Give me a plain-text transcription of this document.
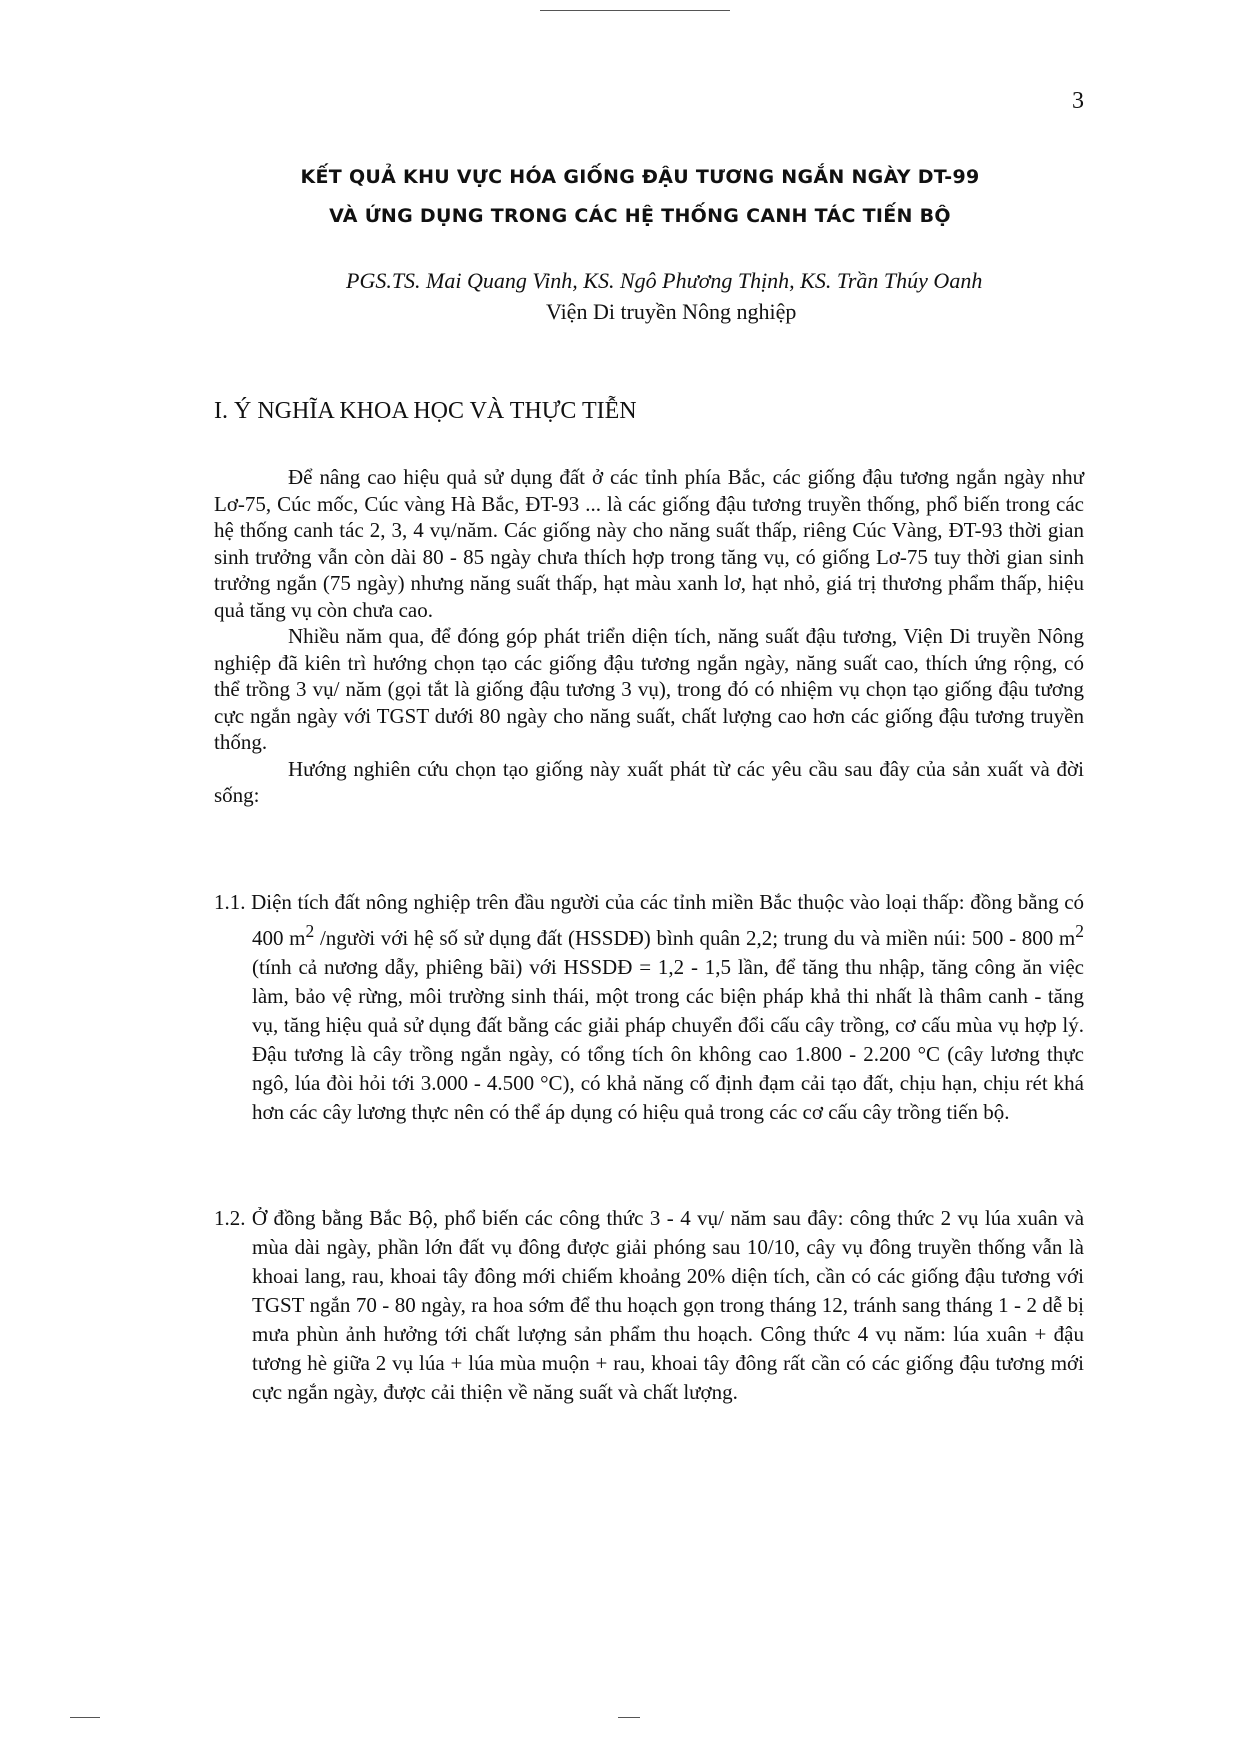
3
KẾT QUẢ KHU VỰC HÓA GIỐNG ĐẬU TƯƠNG NGẮN NGÀY DT-99
VÀ ỨNG DỤNG TRONG CÁC HỆ THỐNG CANH TÁC TIẾN BỘ
PGS.TS. Mai Quang Vinh, KS. Ngô Phương Thịnh, KS. Trần Thúy Oanh
Viện Di truyền Nông nghiệp
I. Ý NGHĨA KHOA HỌC VÀ THỰC TIỄN

Để nâng cao hiệu quả sử dụng đất ở các tỉnh phía Bắc, các giống đậu tương ngắn ngày như Lơ-75, Cúc mốc, Cúc vàng Hà Bắc, ĐT-93 ... là các giống đậu tương truyền thống, phổ biến trong các hệ thống canh tác 2, 3, 4 vụ/năm. Các giống này cho năng suất thấp, riêng Cúc Vàng, ĐT-93 thời gian sinh trưởng vẫn còn dài 80 - 85 ngày chưa thích hợp trong tăng vụ, có giống Lơ-75 tuy thời gian sinh trưởng ngắn (75 ngày) nhưng năng suất thấp, hạt màu xanh lơ, hạt nhỏ, giá trị thương phẩm thấp, hiệu quả tăng vụ còn chưa cao.

Nhiều năm qua, để đóng góp phát triển diện tích, năng suất đậu tương, Viện Di truyền Nông nghiệp đã kiên trì hướng chọn tạo các giống đậu tương ngắn ngày, năng suất cao, thích ứng rộng, có thể trồng 3 vụ/ năm (gọi tắt là giống đậu tương 3 vụ), trong đó có nhiệm vụ chọn tạo giống đậu tương cực ngắn ngày với TGST dưới 80 ngày cho năng suất, chất lượng cao hơn các giống đậu tương truyền thống.

Hướng nghiên cứu chọn tạo giống này xuất phát từ các yêu cầu sau đây của sản xuất và đời sống:

1.1. Diện tích đất nông nghiệp trên đầu người của các tỉnh miền Bắc thuộc vào loại thấp: đồng bằng có 400 $m^2$ /người với hệ số sử dụng đất (HSSDĐ) bình quân 2,2; trung du và miền núi: 500 - 800 $m^2$ (tính cả nương dẫy, phiêng bãi) với HSSDĐ = 1,2 - 1,5 lần, để tăng thu nhập, tăng công ăn việc làm, bảo vệ rừng, môi trường sinh thái, một trong các biện pháp khả thi nhất là thâm canh - tăng vụ, tăng hiệu quả sử dụng đất bằng các giải pháp chuyển đổi cấu cây trồng, cơ cấu mùa vụ hợp lý. Đậu tương là cây trồng ngắn ngày, có tổng tích ôn không cao 1.800 - 2.200 °C (cây lương thực ngô, lúa đòi hỏi tới 3.000 - 4.500 °C), có khả năng cố định đạm cải tạo đất, chịu hạn, chịu rét khá hơn các cây lương thực nên có thể áp dụng có hiệu quả trong các cơ cấu cây trồng tiến bộ.

1.2. Ở đồng bằng Bắc Bộ, phổ biến các công thức 3 - 4 vụ/ năm sau đây: công thức 2 vụ lúa xuân và mùa dài ngày, phần lớn đất vụ đông được giải phóng sau 10/10, cây vụ đông truyền thống vẫn là khoai lang, rau, khoai tây đông mới chiếm khoảng 20% diện tích, cần có các giống đậu tương với TGST ngắn 70 - 80 ngày, ra hoa sớm để thu hoạch gọn trong tháng 12, tránh sang tháng 1 - 2 dễ bị mưa phùn ảnh hưởng tới chất lượng sản phẩm thu hoạch. Công thức 4 vụ năm: lúa xuân + đậu tương hè giữa 2 vụ lúa + lúa mùa muộn + rau, khoai tây đông rất cần có các giống đậu tương mới cực ngắn ngày, được cải thiện về năng suất và chất lượng.
